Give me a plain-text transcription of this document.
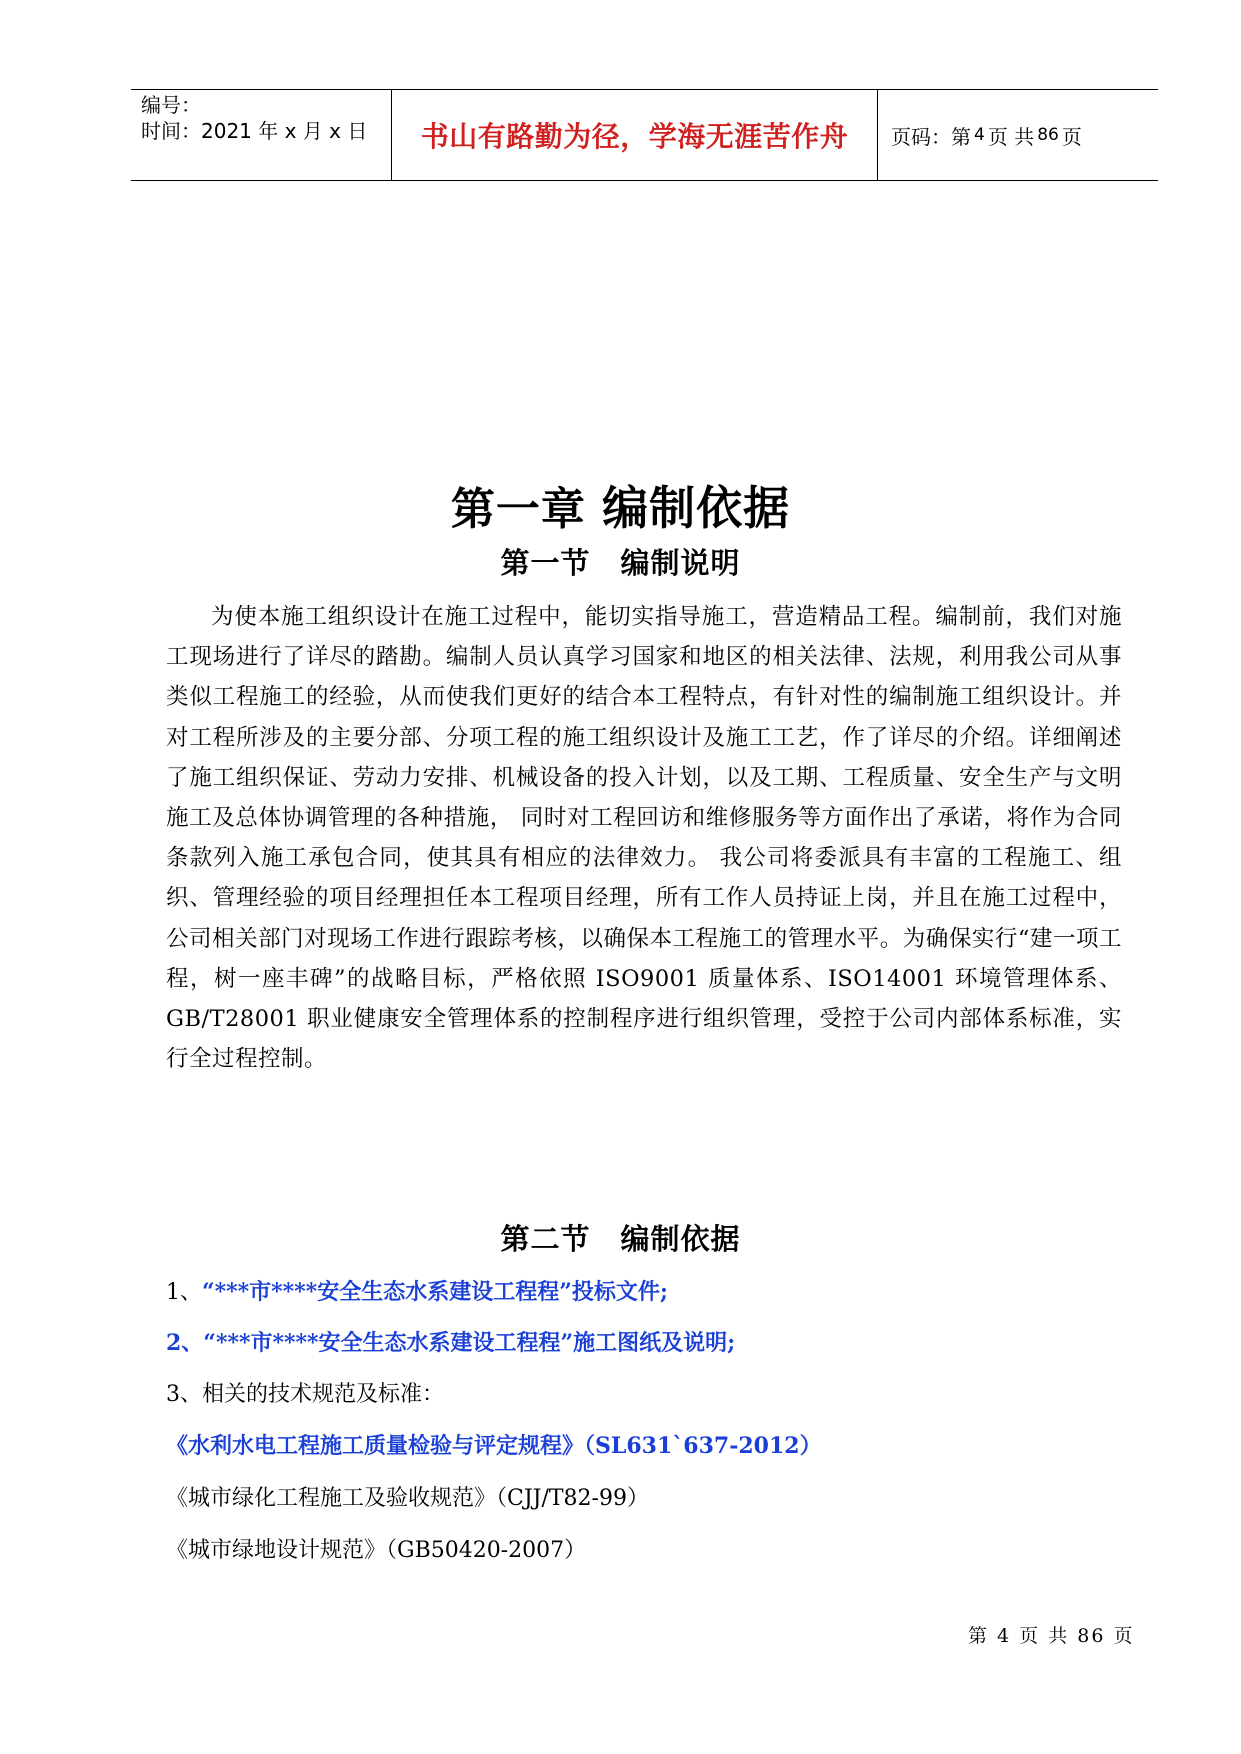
编号：
时间：2021 年 x 月 x 日	书山有路勤为径，学海无涯苦作舟	页码：第 4 页 共 86 页
第一章 编制依据
第一节 编制说明
为使本施工组织设计在施工过程中，能切实指导施工，营造精品工程。编制前，我们对施工现场进行了详尽的踏勘。编制人员认真学习国家和地区的相关法律、法规，利用我公司从事类似工程施工的经验，从而使我们更好的结合本工程特点，有针对性的编制施工组织设计。并对工程所涉及的主要分部、分项工程的施工组织设计及施工工艺，作了详尽的介绍。详细阐述了施工组织保证、劳动力安排、机械设备的投入计划，以及工期、工程质量、安全生产与文明施工及总体协调管理的各种措施， 同时对工程回访和维修服务等方面作出了承诺，将作为合同条款列入施工承包合同，使其具有相应的法律效力。 我公司将委派具有丰富的工程施工、组织、管理经验的项目经理担任本工程项目经理，所有工作人员持证上岗，并且在施工过程中，公司相关部门对现场工作进行跟踪考核，以确保本工程施工的管理水平。为确保实行“建一项工程，树一座丰碑”的战略目标，严格依照 ISO9001 质量体系、ISO14001 环境管理体系、GB/T28001 职业健康安全管理体系的控制程序进行组织管理，受控于公司内部体系标准，实行全过程控制。
第二节 编制依据
1、“***市****安全生态水系建设工程程”投标文件;
2、“***市****安全生态水系建设工程程”施工图纸及说明;
3、相关的技术规范及标准：
《水利水电工程施工质量检验与评定规程》（SL631`637-2012）
《城市绿化工程施工及验收规范》（CJJ/T82-99）
《城市绿地设计规范》（GB50420-2007）
第 4 页 共 86 页
